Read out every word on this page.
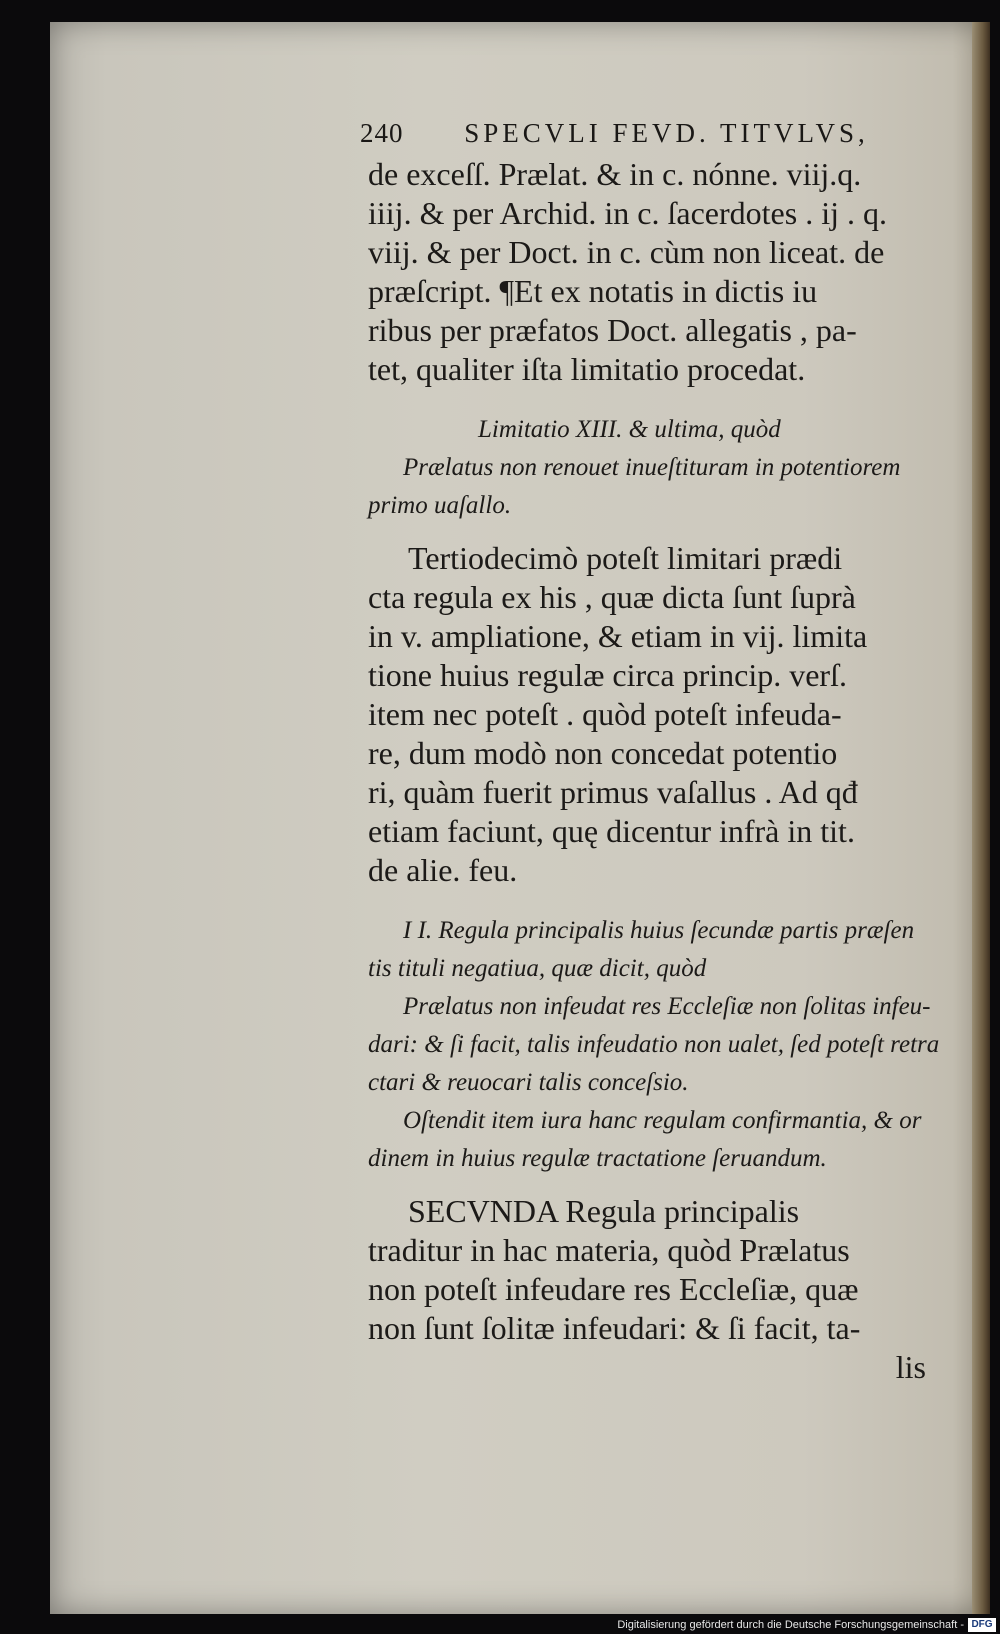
240 SPECVLI FEVD. TITVLVS,

de exceſſ. Prælat. & in c. nónne. viij.q.

iiij. & per Archid. in c. ſacerdotes . ij . q.

viij. & per Doct. in c. cùm non liceat. de

præſcript. ¶Et ex notatis in dictis iu

ribus per præfatos Doct. allegatis , pa-

tet, qualiter iſta limitatio procedat.

Limitatio XIII. & ultima, quòd

Prælatus non renouet inueſtituram in potentiorem

primo uaſallo.

Tertiodecimò poteſt limitari prædi

cta regula ex his , quæ dicta ſunt ſuprà

in v. ampliatione, & etiam in vij. limita

tione huius regulæ circa princip. verſ.

item nec poteſt . quòd poteſt infeuda-

re, dum modò non concedat potentio

ri, quàm fuerit primus vaſallus . Ad qđ

etiam faciunt, quę dicentur infrà in tit.

de alie. feu.

I I. Regula principalis huius ſecundæ partis præſen

tis tituli negatiua, quæ dicit, quòd

Prælatus non infeudat res Eccleſiæ non ſolitas infeu-

dari: & ſi facit, talis infeudatio non ualet, ſed poteſt retra

ctari & reuocari talis conceſsio.

Oſtendit item iura hanc regulam confirmantia, & or

dinem in huius regulæ tractatione ſeruandum.

SECVNDA Regula principalis

traditur in hac materia, quòd Prælatus

non poteſt infeudare res Eccleſiæ, quæ

non ſunt ſolitæ infeudari: & ſi facit, ta-

lis

Digitalisierung gefördert durch die Deutsche Forschungsgemeinschaft - DFG
